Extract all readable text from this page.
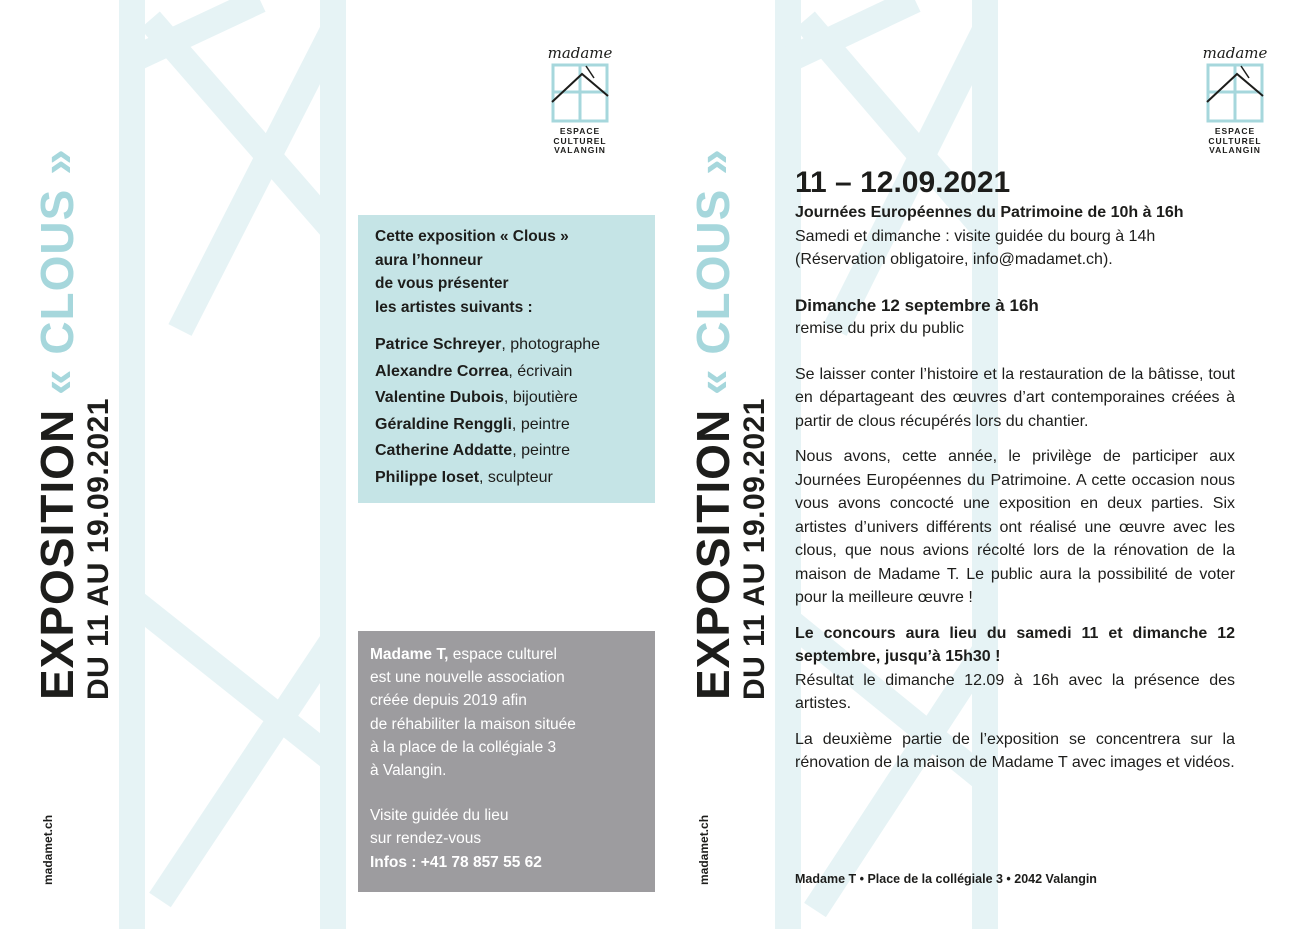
EXPOSITION « CLOUS »
DU 11 AU 19.09.2021
madamet.ch
madame
ESPACE
CULTUREL
VALANGIN
Cette exposition « Clous »
aura l’honneur
de vous présenter
les artistes suivants :
Patrice Schreyer, photographe
Alexandre Correa, écrivain
Valentine Dubois, bijoutière
Géraldine Renggli, peintre
Catherine Addatte, peintre
Philippe Ioset, sculpteur

Madame T, espace culturel

est une nouvelle association

créée depuis 2019 afin

de réhabiliter la maison située

à la place de la collégiale 3

à Valangin.

Visite guidée du lieu

sur rendez-vous

Infos : +41 78 857 55 62

EXPOSITION « CLOUS »
DU 11 AU 19.09.2021
madamet.ch
madame
ESPACE
CULTUREL
VALANGIN
11 – 12.09.2021
Journées Européennes du Patrimoine de 10h à 16h
Samedi et dimanche : visite guidée du bourg à 14h
(Réservation obligatoire, info@madamet.ch).
Dimanche 12 septembre à 16h
remise du prix du public
Se laisser conter l’histoire et la restauration de la bâtisse, tout en départageant des œuvres d’art contemporaines créées à partir de clous récupérés lors du chantier.
Nous avons, cette année, le privilège de participer aux Journées Européennes du Patrimoine. A cette occasion nous vous avons concocté une exposition en deux parties. Six artistes d’univers différents ont réalisé une œuvre avec les clous, que nous avions récolté lors de la rénovation de la maison de Madame T. Le public aura la possibilité de voter pour la meilleure œuvre !
Le concours aura lieu du samedi 11 et dimanche 12 septembre, jusqu’à 15h30 !
Résultat le dimanche 12.09 à 16h avec la présence des artistes.
La deuxième partie de l’exposition se concentrera sur la rénovation de la maison de Madame T avec images et vidéos.
Madame T • Place de la collégiale 3 • 2042 Valangin
